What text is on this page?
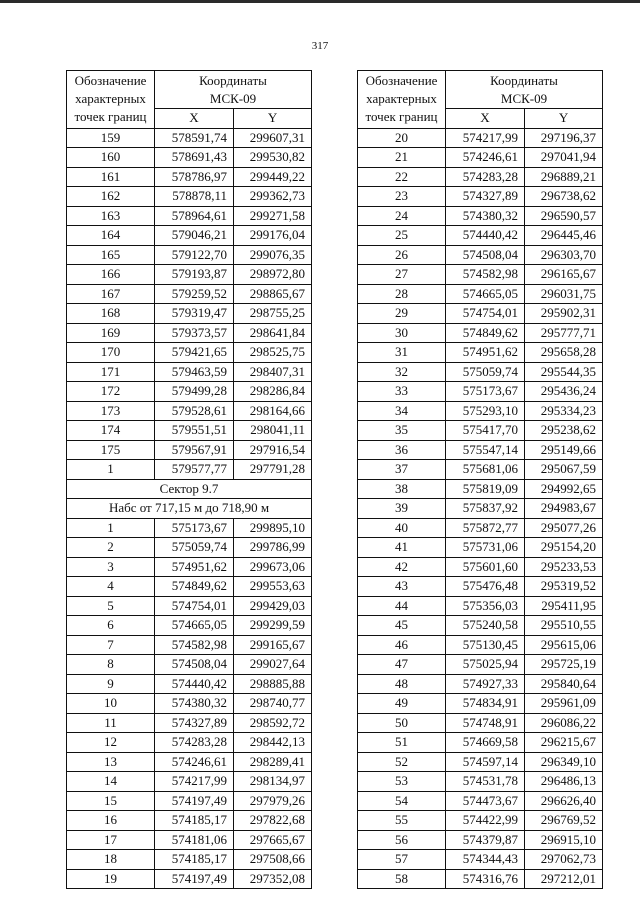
317
Обозначение
характерных
точек границ	Координаты
МСК-09	
	X	Y
159	578591,74	299607,31
160	578691,43	299530,82
161	578786,97	299449,22
162	578878,11	299362,73
163	578964,61	299271,58
164	579046,21	299176,04
165	579122,70	299076,35
166	579193,87	298972,80
167	579259,52	298865,67
168	579319,47	298755,25
169	579373,57	298641,84
170	579421,65	298525,75
171	579463,59	298407,31
172	579499,28	298286,84
173	579528,61	298164,66
174	579551,51	298041,11
175	579567,91	297916,54
1	579577,77	297791,28
Сектор 9.7		
Набс от 717,15 м до 718,90 м		
1	575173,67	299895,10
2	575059,74	299786,99
3	574951,62	299673,06
4	574849,62	299553,63
5	574754,01	299429,03
6	574665,05	299299,59
7	574582,98	299165,67
8	574508,04	299027,64
9	574440,42	298885,88
10	574380,32	298740,77
11	574327,89	298592,72
12	574283,28	298442,13
13	574246,61	298289,41
14	574217,99	298134,97
15	574197,49	297979,26
16	574185,17	297822,68
17	574181,06	297665,67
18	574185,17	297508,66
19	574197,49	297352,08
Обозначение
характерных
точек границ	Координаты
МСК-09	
	X	Y
20	574217,99	297196,37
21	574246,61	297041,94
22	574283,28	296889,21
23	574327,89	296738,62
24	574380,32	296590,57
25	574440,42	296445,46
26	574508,04	296303,70
27	574582,98	296165,67
28	574665,05	296031,75
29	574754,01	295902,31
30	574849,62	295777,71
31	574951,62	295658,28
32	575059,74	295544,35
33	575173,67	295436,24
34	575293,10	295334,23
35	575417,70	295238,62
36	575547,14	295149,66
37	575681,06	295067,59
38	575819,09	294992,65
39	575837,92	294983,67
40	575872,77	295077,26
41	575731,06	295154,20
42	575601,60	295233,53
43	575476,48	295319,52
44	575356,03	295411,95
45	575240,58	295510,55
46	575130,45	295615,06
47	575025,94	295725,19
48	574927,33	295840,64
49	574834,91	295961,09
50	574748,91	296086,22
51	574669,58	296215,67
52	574597,14	296349,10
53	574531,78	296486,13
54	574473,67	296626,40
55	574422,99	296769,52
56	574379,87	296915,10
57	574344,43	297062,73
58	574316,76	297212,01
